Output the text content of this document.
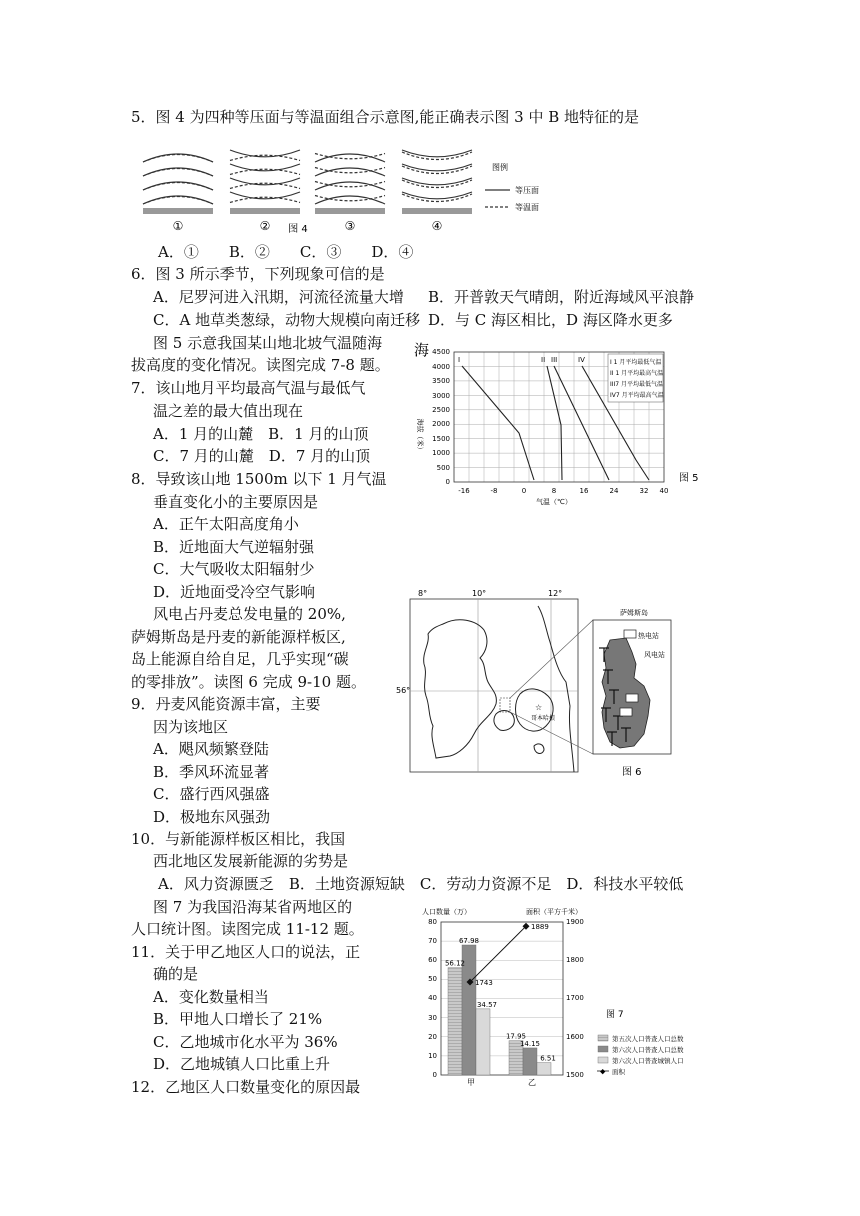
5．图 4 为四种等压面与等温面组合示意图,能正确表示图 3 中 B 地特征的是
①	②	③	④
图 4
图例
等压面
等温面
A．①　　B．②　　C．③　　D．④
6．图 3 所示季节，下列现象可信的是
A．尼罗河进入汛期，河流径流量大增 B．开普敦天气晴朗，附近海域风平浪静
C．A 地草类葱绿，动物大规模向南迁移 D．与 C 海区相比，D 海区降水更多
图 5 示意我国某山地北坡气温随海
拔高度的变化情况。读图完成 7-8 题。
7．该山地月平均最高气温与最低气
温之差的最大值出现在
A．1 月的山麓　B．1 月的山顶
C．7 月的山麓　D．7 月的山顶
8．导致该山地 1500m 以下 1 月气温
垂直变化小的主要原因是
A．正午太阳高度角小
B．近地面大气逆辐射强
C．大气吸收太阳辐射少
D．近地面受冷空气影响
风电占丹麦总发电量的 20%,
萨姆斯岛是丹麦的新能源样板区,
岛上能源自给自足，几乎实现“碳
的零排放”。读图 6 完成 9-10 题。
9．丹麦风能资源丰富，主要
因为该地区
A．飓风频繁登陆
B．季风环流显著
C．盛行西风强盛
D．极地东风强劲
10．与新能源样板区相比，我国
西北地区发展新能源的劣势是
A．风力资源匮乏　B．土地资源短缺　C．劳动力资源不足　D．科技水平较低
图 7 为我国沿海某省两地区的
人口统计图。读图完成 11-12 题。
11．关于甲乙地区人口的说法，正
确的是
A．变化数量相当
B．甲地人口增长了 21%
C．乙地城市化水平为 36%
D．乙地城镇人口比重上升
12．乙地区人口数量变化的原因最
海
海拔（米）
0
500
1000
1500
2000
2500
3000
3500
4000
4500
-16	-8	0	8	16	24	32 40
气温（℃）
I	II III	IV	I 1 月平均最低气温
II 1 月平均最高气温
III7 月平均最低气温
IV7 月平均最高气温
图 5
8°	10°	12°
56°
☆
哥本哈根
萨姆斯岛
热电站
风电站
图 6
人口数量（万）	面积（平方千米）
0
10
20
30
40
50
60
70
80
1500
1600
1700
1800
1900
56.12
67.98
34.57
17.95
14.15
6.51
1743
1889
甲	乙
图 7
第五次人口普查人口总数
第六次人口普查人口总数
第六次人口普查城镇人口
◆ 面积
